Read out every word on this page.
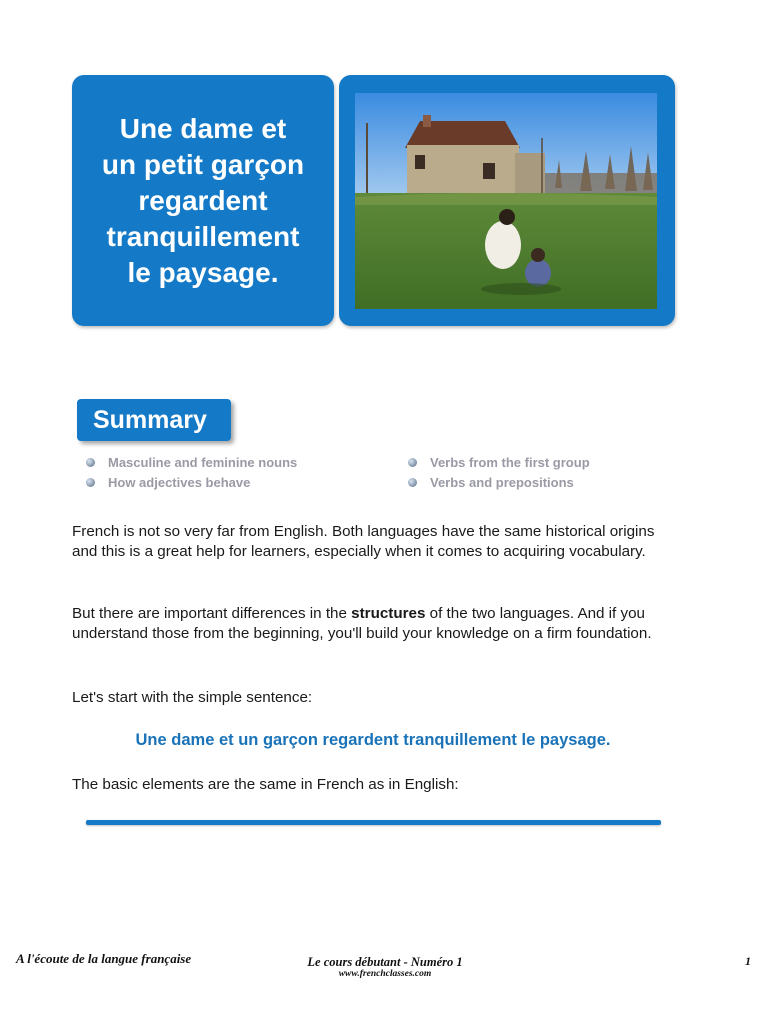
Une dame et
un petit garçon
regardent
tranquillement
le paysage.

Summary
Masculine and feminine nouns
How adjectives behave
Verbs from the first group
Verbs and prepositions

French is not so very far from English. Both languages have the same historical origins and this is a great help for learners, especially when it comes to acquiring vocabulary.

But there are important differences in the structures of the two languages. And if you understand those from the beginning, you'll build your knowledge on a firm foundation.

Let's start with the simple sentence:

Une dame et un garçon regardent tranquillement le paysage.

The basic elements are the same in French as in English:

A l'écoute de la langue française	Le cours débutant - Numéro 1
www.frenchclasses.com
1
